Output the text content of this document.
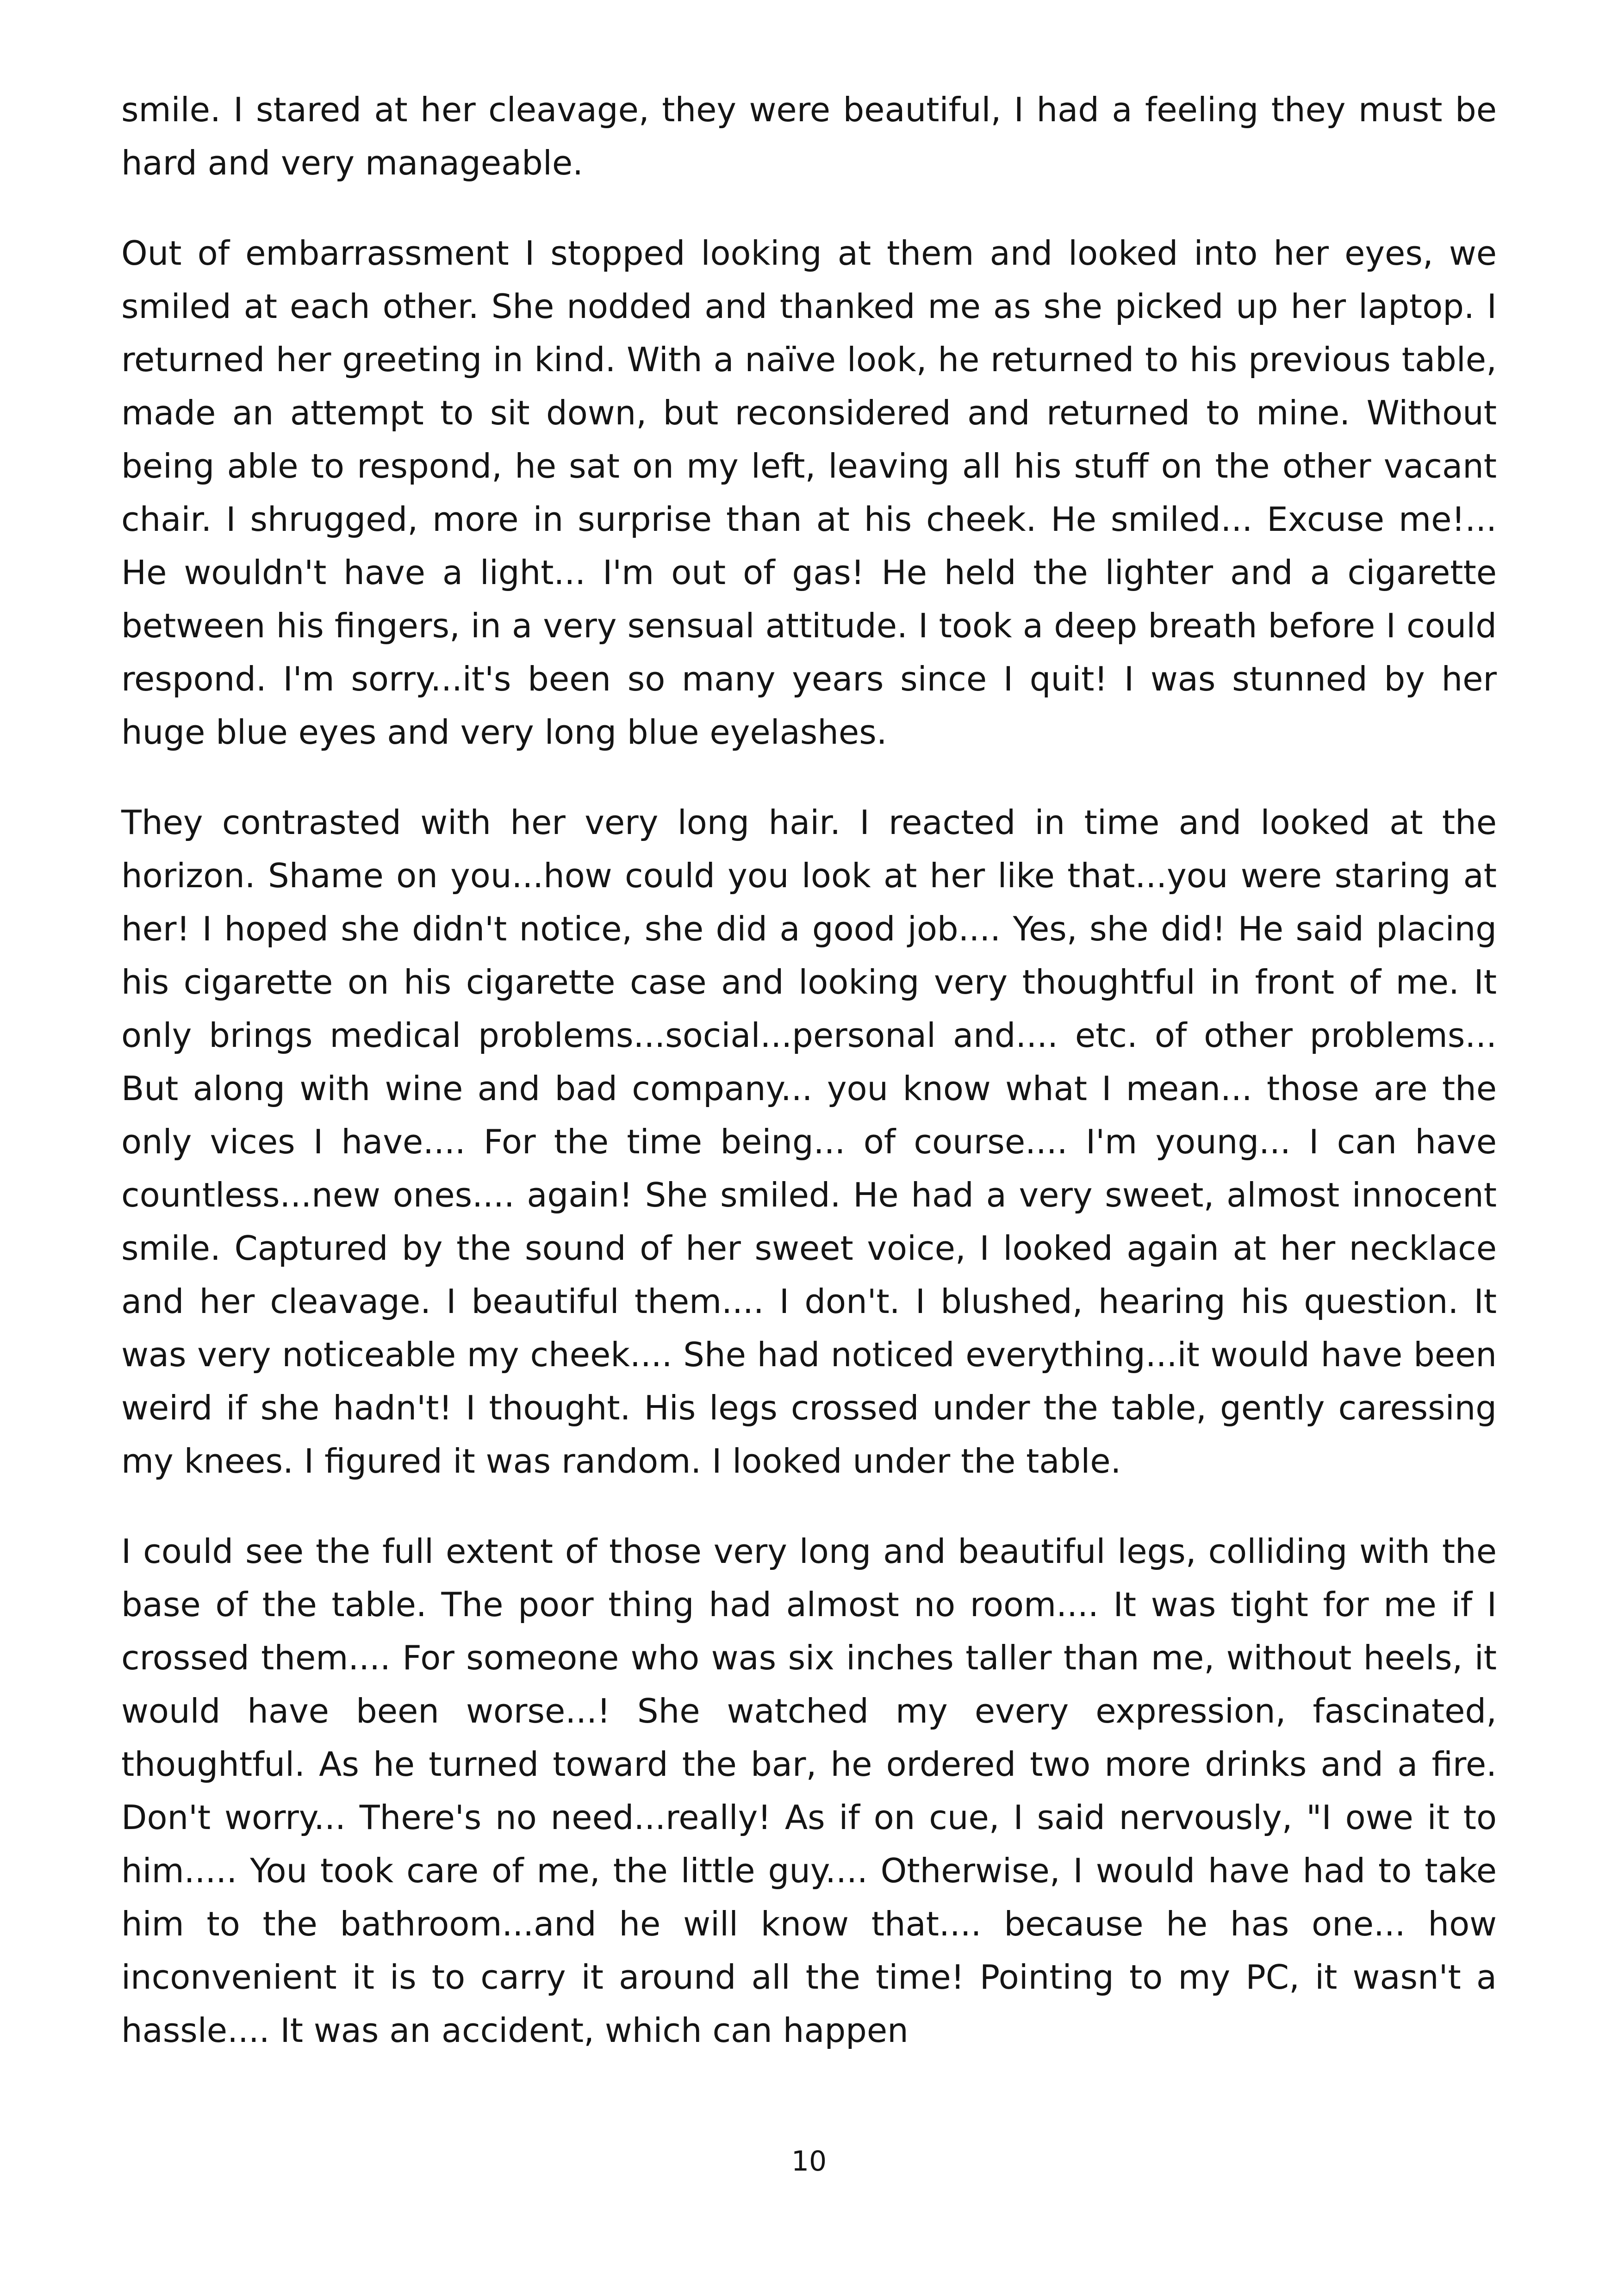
smile. I stared at her cleavage, they were beautiful, I had a feeling they must be hard and very manageable.

Out of embarrassment I stopped looking at them and looked into her eyes, we smiled at each other. She nodded and thanked me as she picked up her laptop. I returned her greeting in kind. With a naïve look, he returned to his previous table, made an attempt to sit down, but reconsidered and returned to mine. Without being able to respond, he sat on my left, leaving all his stuff on the other vacant chair. I shrugged, more in surprise than at his cheek. He smiled... Excuse me!... He wouldn't have a light... I'm out of gas! He held the lighter and a cigarette between his fingers, in a very sensual attitude. I took a deep breath before I could respond. I'm sorry...it's been so many years since I quit! I was stunned by her huge blue eyes and very long blue eyelashes.

They contrasted with her very long hair. I reacted in time and looked at the horizon. Shame on you...how could you look at her like that...you were staring at her! I hoped she didn't notice, she did a good job.... Yes, she did! He said placing his cigarette on his cigarette case and looking very thoughtful in front of me. It only brings medical problems...social...personal and.... etc. of other problems... But along with wine and bad company... you know what I mean... those are the only vices I have.... For the time being... of course.... I'm young... I can have countless...new ones.... again! She smiled. He had a very sweet, almost innocent smile. Captured by the sound of her sweet voice, I looked again at her necklace and her cleavage. I beautiful them.... I don't. I blushed, hearing his question. It was very noticeable my cheek.... She had noticed everything...it would have been weird if she hadn't! I thought. His legs crossed under the table, gently caressing my knees. I figured it was random. I looked under the table.

I could see the full extent of those very long and beautiful legs, colliding with the base of the table. The poor thing had almost no room.... It was tight for me if I crossed them.... For someone who was six inches taller than me, without heels, it would have been worse...! She watched my every expression, fascinated, thoughtful. As he turned toward the bar, he ordered two more drinks and a fire. Don't worry... There's no need...really! As if on cue, I said nervously, "I owe it to him..... You took care of me, the little guy.... Otherwise, I would have had to take him to the bathroom...and he will know that.... because he has one... how inconvenient it is to carry it around all the time! Pointing to my PC, it wasn't a hassle.... It was an accident, which can happen

10
